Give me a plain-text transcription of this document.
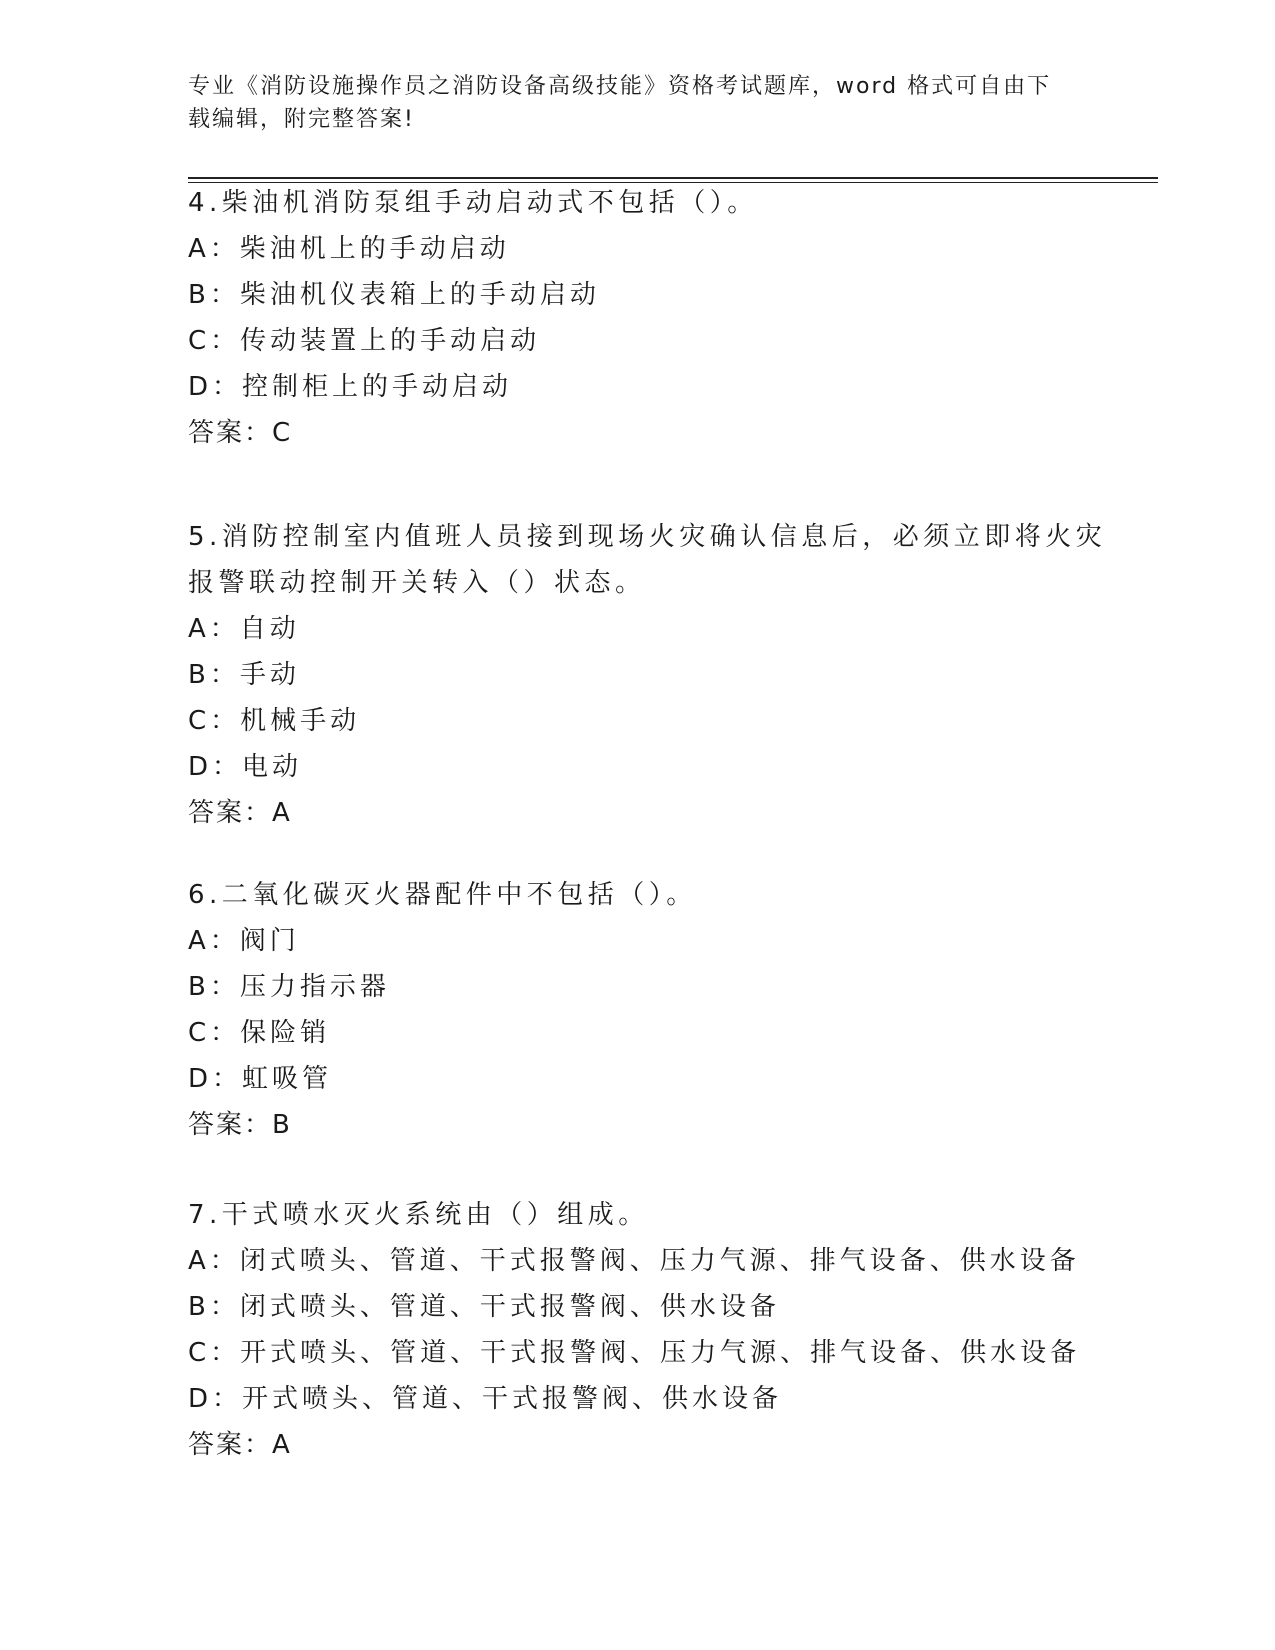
专业《消防设施操作员之消防设备高级技能》资格考试题库，word 格式可自由下
载编辑，附完整答案!
4.柴油机消防泵组手动启动式不包括（）。
A：柴油机上的手动启动
B：柴油机仪表箱上的手动启动
C：传动装置上的手动启动
D：控制柜上的手动启动
答案：C
5.消防控制室内值班人员接到现场火灾确认信息后，必须立即将火灾
报警联动控制开关转入（）状态。
A：自动
B：手动
C：机械手动
D：电动
答案：A
6.二氧化碳灭火器配件中不包括（）。
A：阀门
B：压力指示器
C：保险销
D：虹吸管
答案：B
7.干式喷水灭火系统由（）组成。
A：闭式喷头、管道、干式报警阀、压力气源、排气设备、供水设备
B：闭式喷头、管道、干式报警阀、供水设备
C：开式喷头、管道、干式报警阀、压力气源、排气设备、供水设备
D：开式喷头、管道、干式报警阀、供水设备
答案：A
